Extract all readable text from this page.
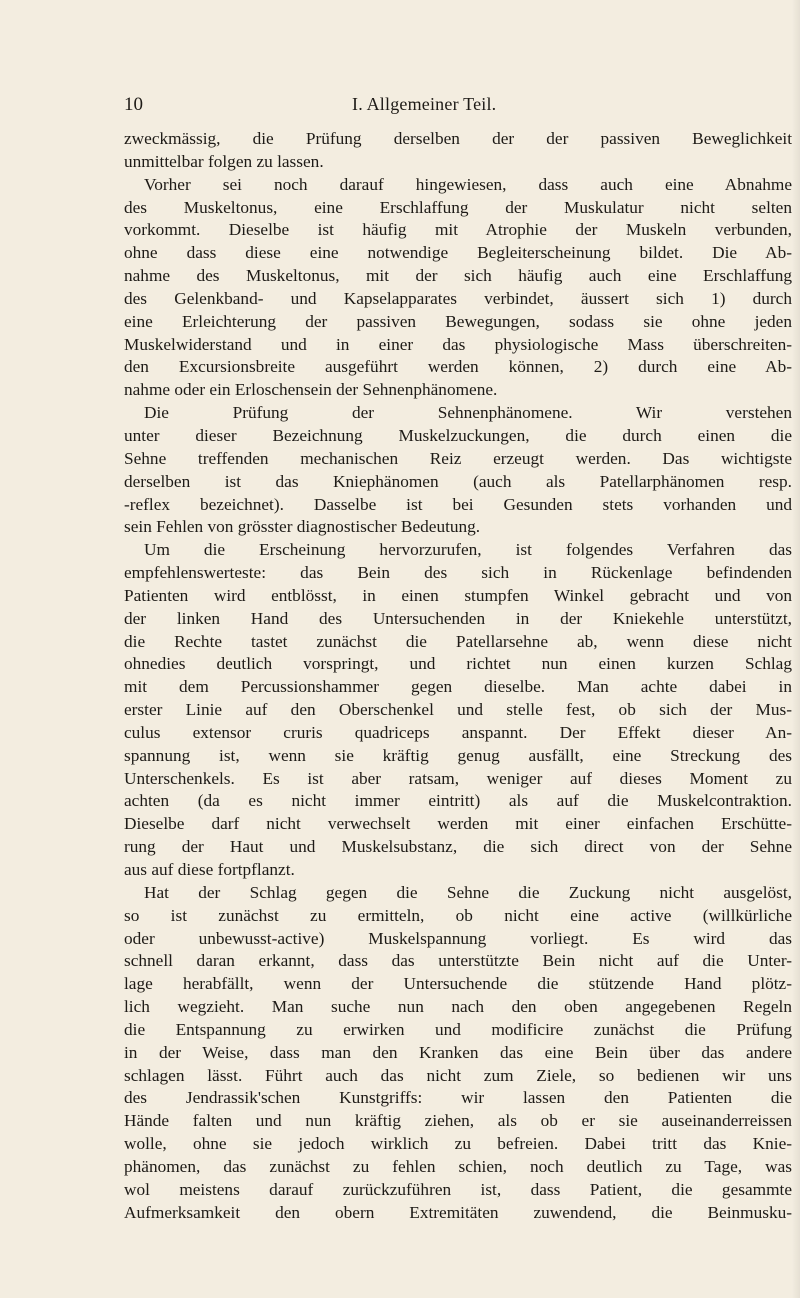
10	I. Allgemeiner Teil.
zweckmässig, die Prüfung derselben der der passiven Beweglichkeit
unmittelbar folgen zu lassen.
Vorher sei noch darauf hingewiesen, dass auch eine Abnahme
des Muskeltonus, eine Erschlaffung der Muskulatur nicht selten
vorkommt. Dieselbe ist häufig mit Atrophie der Muskeln verbunden,
ohne dass diese eine notwendige Begleiterscheinung bildet. Die Ab-
nahme des Muskeltonus, mit der sich häufig auch eine Erschlaffung
des Gelenkband- und Kapselapparates verbindet, äussert sich 1) durch
eine Erleichterung der passiven Bewegungen, sodass sie ohne jeden
Muskelwiderstand und in einer das physiologische Mass überschreiten-
den Excursionsbreite ausgeführt werden können, 2) durch eine Ab-
nahme oder ein Erloschensein der Sehnenphänomene.
Die Prüfung der Sehnenphänomene. Wir verstehen
unter dieser Bezeichnung Muskelzuckungen, die durch einen die
Sehne treffenden mechanischen Reiz erzeugt werden. Das wichtigste
derselben ist das Kniephänomen (auch als Patellarphänomen resp.
-reflex bezeichnet). Dasselbe ist bei Gesunden stets vorhanden und
sein Fehlen von grösster diagnostischer Bedeutung.
Um die Erscheinung hervorzurufen, ist folgendes Verfahren das
empfehlenswerteste: das Bein des sich in Rückenlage befindenden
Patienten wird entblösst, in einen stumpfen Winkel gebracht und von
der linken Hand des Untersuchenden in der Kniekehle unterstützt,
die Rechte tastet zunächst die Patellarsehne ab, wenn diese nicht
ohnedies deutlich vorspringt, und richtet nun einen kurzen Schlag
mit dem Percussionshammer gegen dieselbe. Man achte dabei in
erster Linie auf den Oberschenkel und stelle fest, ob sich der Mus-
culus extensor cruris quadriceps anspannt. Der Effekt dieser An-
spannung ist, wenn sie kräftig genug ausfällt, eine Streckung des
Unterschenkels. Es ist aber ratsam, weniger auf dieses Moment zu
achten (da es nicht immer eintritt) als auf die Muskelcontraktion.
Dieselbe darf nicht verwechselt werden mit einer einfachen Erschütte-
rung der Haut und Muskelsubstanz, die sich direct von der Sehne
aus auf diese fortpflanzt.
Hat der Schlag gegen die Sehne die Zuckung nicht ausgelöst,
so ist zunächst zu ermitteln, ob nicht eine active (willkürliche
oder unbewusst-active) Muskelspannung vorliegt. Es wird das
schnell daran erkannt, dass das unterstützte Bein nicht auf die Unter-
lage herabfällt, wenn der Untersuchende die stützende Hand plötz-
lich wegzieht. Man suche nun nach den oben angegebenen Regeln
die Entspannung zu erwirken und modificire zunächst die Prüfung
in der Weise, dass man den Kranken das eine Bein über das andere
schlagen lässt. Führt auch das nicht zum Ziele, so bedienen wir uns
des Jendrassik'schen Kunstgriffs: wir lassen den Patienten die
Hände falten und nun kräftig ziehen, als ob er sie auseinanderreissen
wolle, ohne sie jedoch wirklich zu befreien. Dabei tritt das Knie-
phänomen, das zunächst zu fehlen schien, noch deutlich zu Tage, was
wol meistens darauf zurückzuführen ist, dass Patient, die gesammte
Aufmerksamkeit den obern Extremitäten zuwendend, die Beinmusku-
